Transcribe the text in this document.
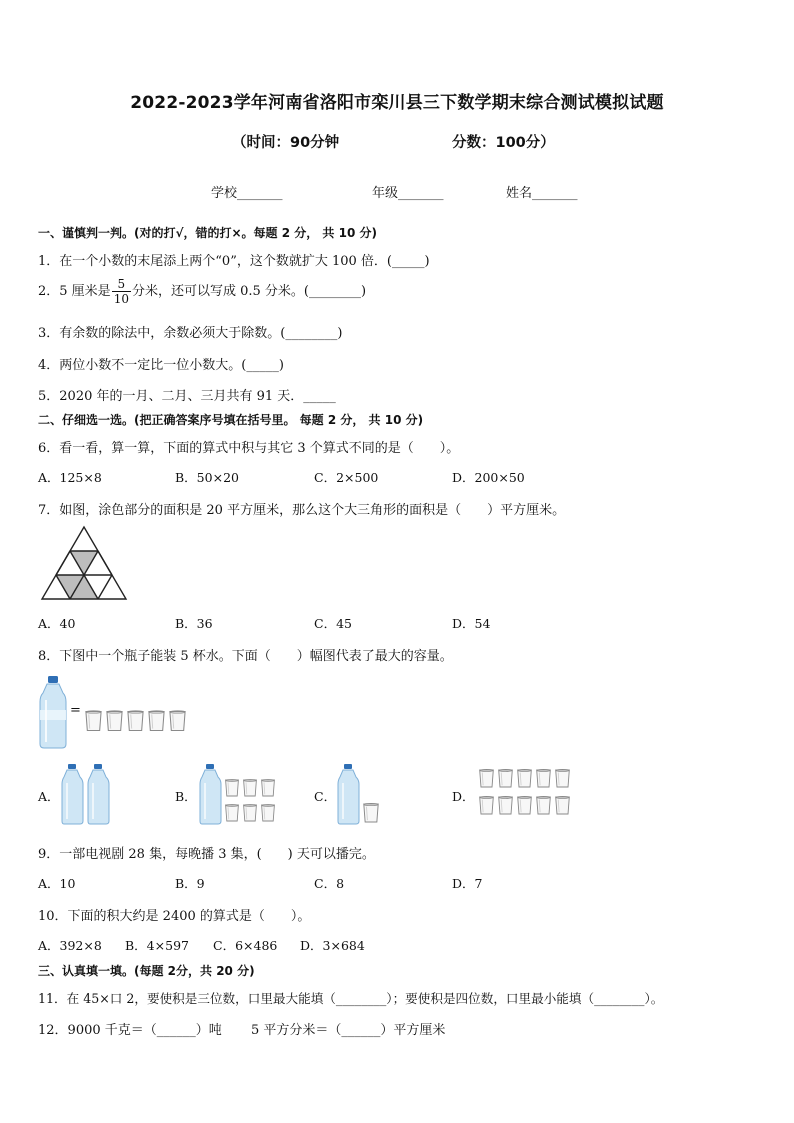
2022-2023学年河南省洛阳市栾川县三下数学期末综合测试模拟试题
（时间：90分钟	分数：100分）
学校_______	年级_______	姓名_______
一、谨慎判一判。(对的打√，错的打×。每题 2 分， 共 10 分)
1．在一个小数的末尾添上两个“0”，这个数就扩大 100 倍．(_____)
2．5 厘米是 $\frac{5}{10}$ 分米，还可以写成 0.5 分米。(________)
3．有余数的除法中，余数必须大于除数。(________)
4．两位小数不一定比一位小数大。(_____)
5．2020 年的一月、二月、三月共有 91 天．_____
二、仔细选一选。(把正确答案序号填在括号里。 每题 2 分， 共 10 分)
6．看一看，算一算，下面的算式中积与其它 3 个算式不同的是（　　）。
A．125×8	B．50×20	C．2×500	D．200×50
7．如图，涂色部分的面积是 20 平方厘米，那么这个大三角形的面积是（　　）平方厘米。
A．40	B．36	C．45	D．54
8．下图中一个瓶子能装 5 杯水。下面（　　）幅图代表了最大的容量。
=
A．	B．	C．	D．
9．一部电视剧 28 集，每晚播 3 集，(　　) 天可以播完。
A．10	B．9	C．8	D．7
10．下面的积大约是 2400 的算式是（　　）。
A．392×8 B．4×597 C．6×486 D．3×684
三、认真填一填。(每题 2分，共 20 分)
11．在 45×口 2，要使积是三位数，口里最大能填（________）；要使积是四位数，口里最小能填（________）。
12．9000 千克＝（______）吨 5 平方分米＝（______）平方厘米
